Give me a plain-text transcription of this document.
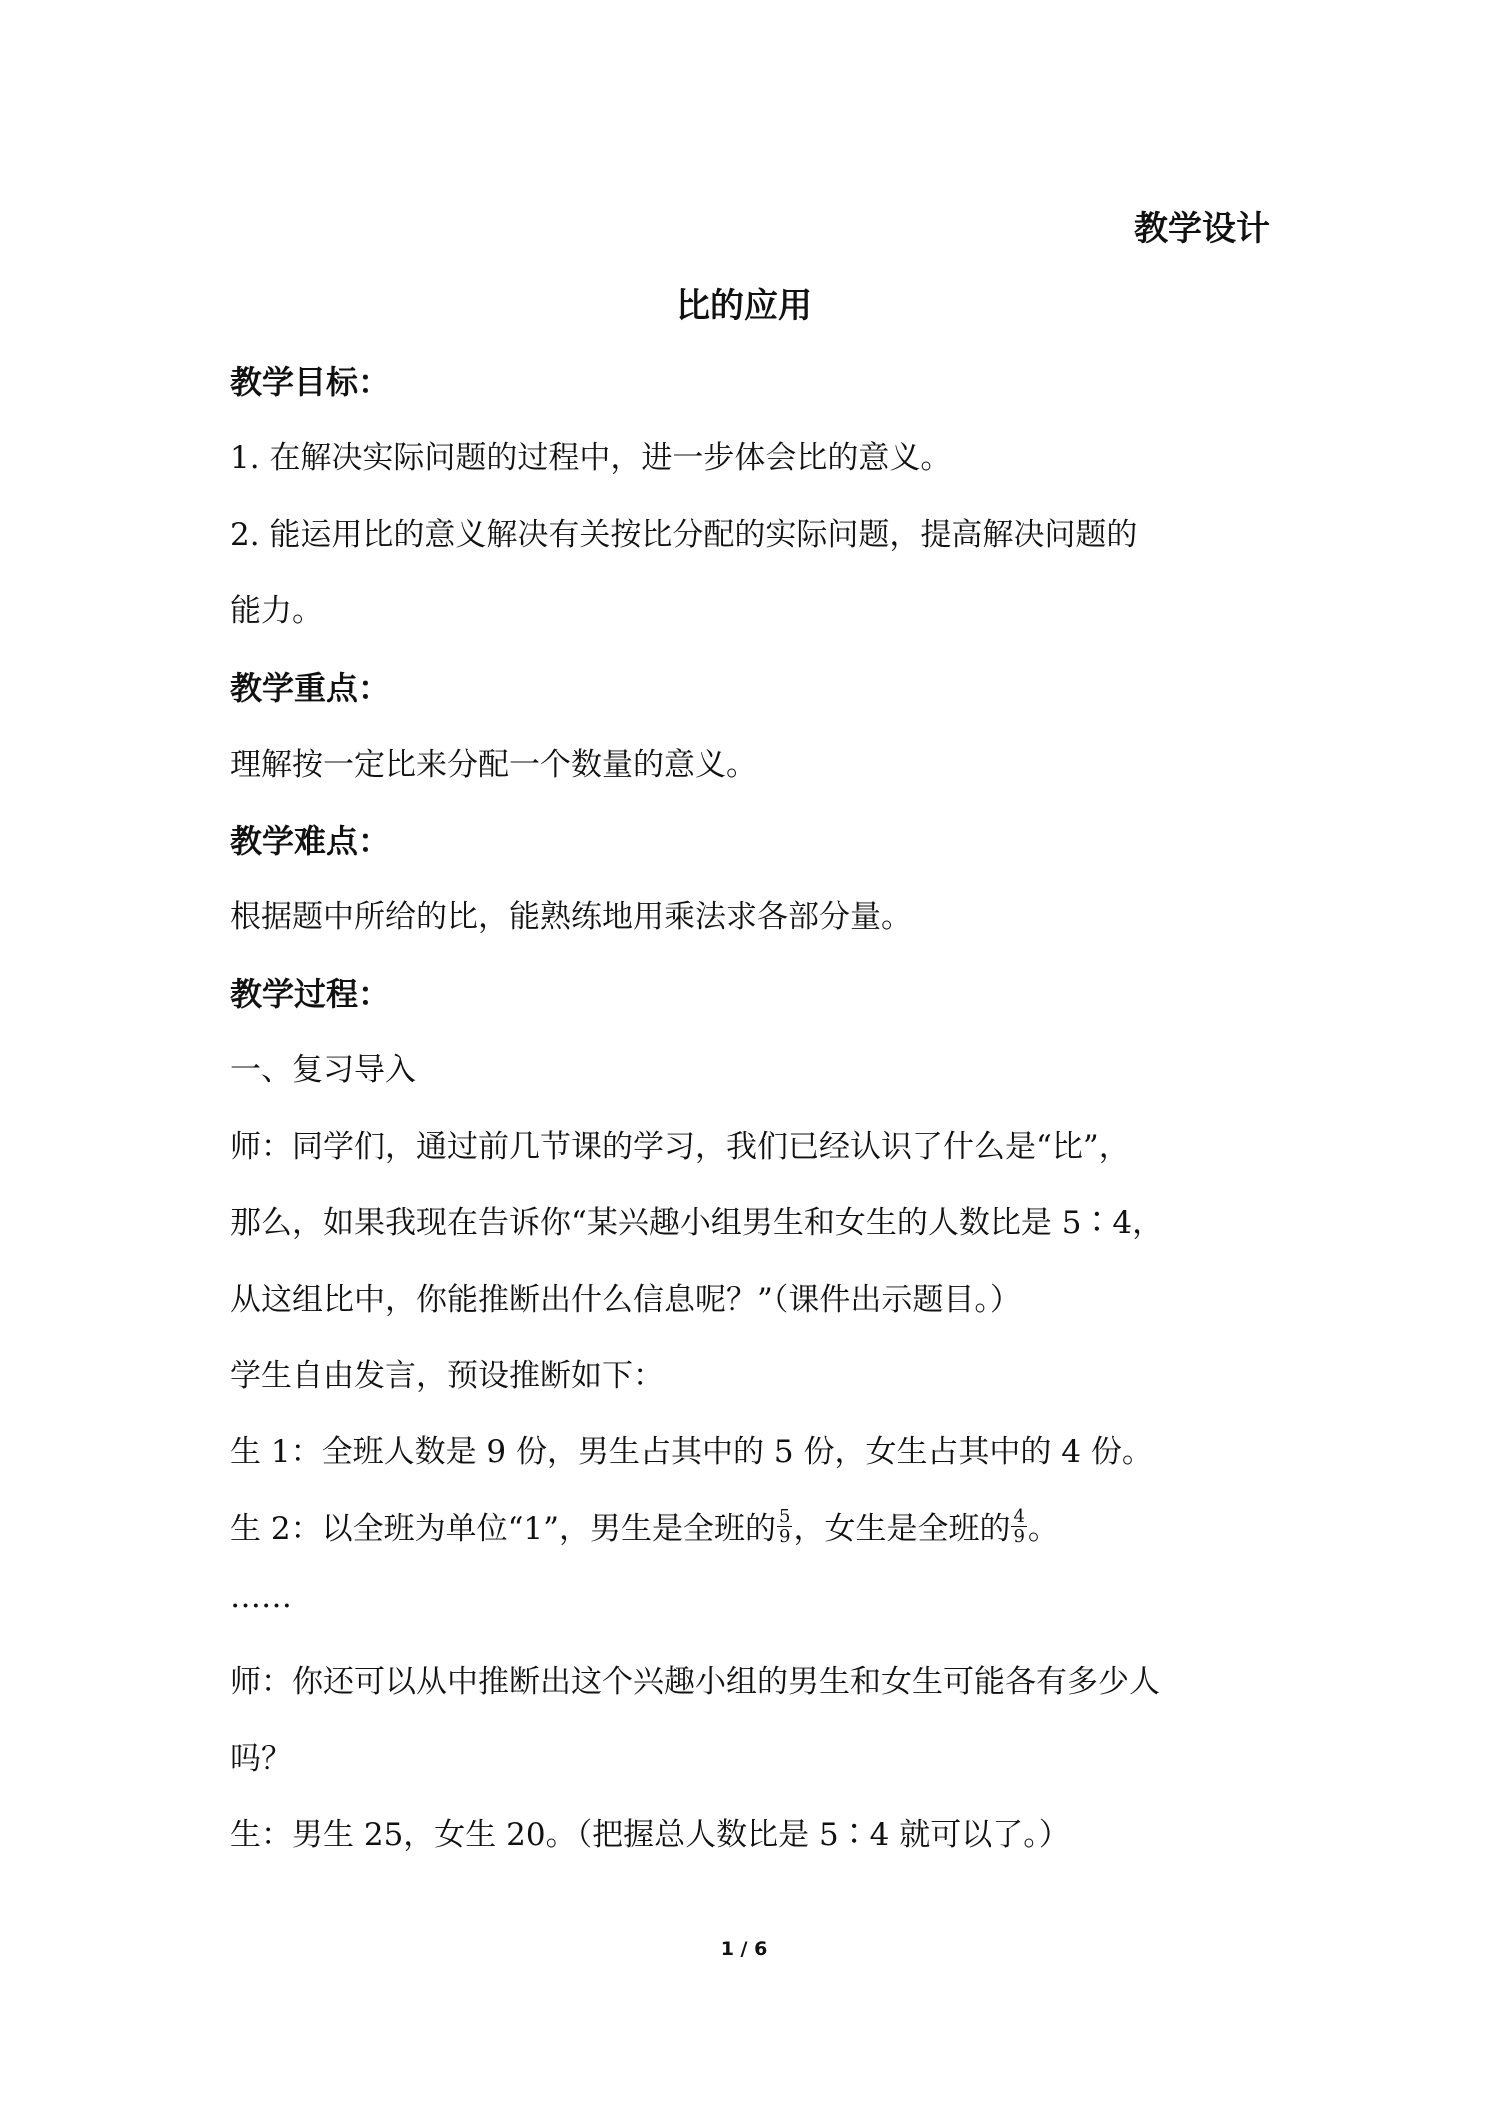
教学设计
比的应用
教学目标：
1. 在解决实际问题的过程中，进一步体会比的意义。
2. 能运用比的意义解决有关按比分配的实际问题，提高解决问题的
能力。
教学重点：
理解按一定比来分配一个数量的意义。
教学难点：
根据题中所给的比，能熟练地用乘法求各部分量。
教学过程：
一、复习导入
师：同学们，通过前几节课的学习，我们已经认识了什么是“比”，
那么，如果我现在告诉你“某兴趣小组男生和女生的人数比是 5∶4，
从这组比中，你能推断出什么信息呢？”（课件出示题目。）
学生自由发言，预设推断如下：
生 1：全班人数是 9 份，男生占其中的 5 份，女生占其中的 4 份。
生 2：以全班为单位“1”，男生是全班的 $\frac{5}{9}$ ，女生是全班的 $\frac{4}{9}$ 。
……
师：你还可以从中推断出这个兴趣小组的男生和女生可能各有多少人
吗？
生：男生 25，女生 20。（把握总人数比是 5∶4 就可以了。）
1 / 6
